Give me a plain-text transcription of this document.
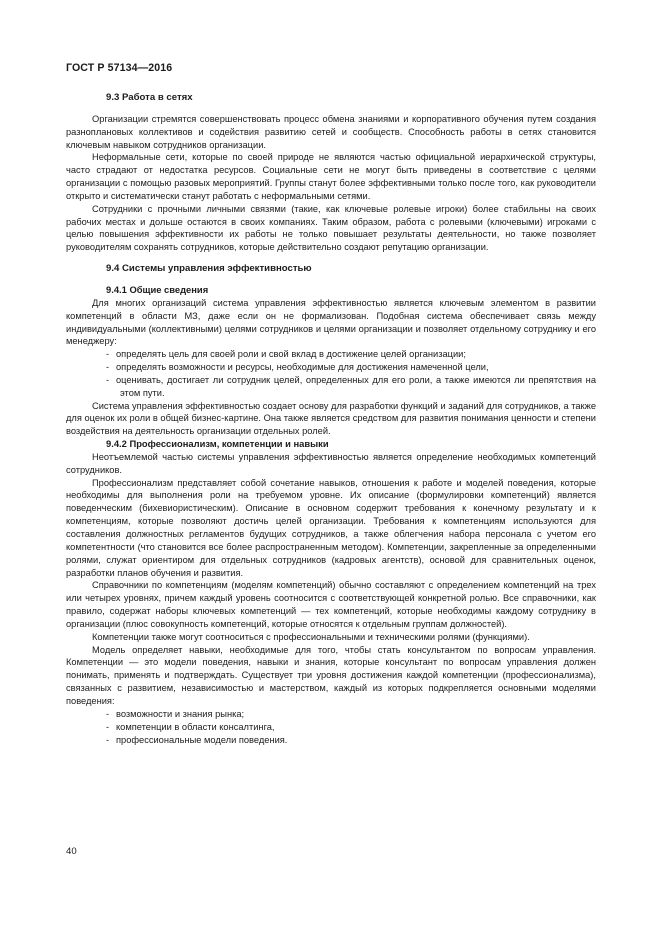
ГОСТ Р 57134—2016
9.3 Работа в сетях

Организации стремятся совершенствовать процесс обмена знаниями и корпоративного обучения путем создания разноплановых коллективов и содействия развитию сетей и сообществ. Способность работы в сетях становится ключевым навыком сотрудников организации.

Неформальные сети, которые по своей природе не являются частью официальной иерархической структуры, часто страдают от недостатка ресурсов. Социальные сети не могут быть приведены в соответствие с целями организации с помощью разовых мероприятий. Группы станут более эффективными только после того, как руководители открыто и систематически станут работать с неформальными сетями.

Сотрудники с прочными личными связями (такие, как ключевые ролевые игроки) более стабильны на своих рабочих местах и дольше остаются в своих компаниях. Таким образом, работа с ролевыми (ключевыми) игроками с целью повышения эффективности их работы не только повышает результаты деятельности, но также позволяет руководителям сохранять сотрудников, которые действительно создают репутацию организации.

9.4 Системы управления эффективностью
9.4.1 Общие сведения

Для многих организаций система управления эффективностью является ключевым элементом в развитии компетенций в области МЗ, даже если он не формализован. Подобная система обеспечивает связь между индивидуальными (коллективными) целями сотрудников и целями организации и позволяет отдельному сотруднику и его менеджеру:

- определять цель для своей роли и свой вклад в достижение целей организации;
- определять возможности и ресурсы, необходимые для достижения намеченной цели,
- оценивать, достигает ли сотрудник целей, определенных для его роли, а также имеются ли препятствия на этом пути.

Система управления эффективностью создает основу для разработки функций и заданий для сотрудников, а также для оценок их роли в общей бизнес-картине. Она также является средством для развития понимания ценности и степени воздействия на деятельность организации отдельных ролей.

9.4.2 Профессионализм, компетенции и навыки

Неотъемлемой частью системы управления эффективностью является определение необходимых компетенций сотрудников.

Профессионализм представляет собой сочетание навыков, отношения к работе и моделей поведения, которые необходимы для выполнения роли на требуемом уровне. Их описание (формулировки компетенций) является поведенческим (бихевиористическим). Описание в основном содержит требования к конечному результату и к компетенциям, которые позволяют достичь целей организации. Требования к компетенциям используются для составления должностных регламентов будущих сотрудников, а также облегчения набора персонала с учетом его компетентности (что становится все более распространенным методом). Компетенции, закрепленные за определенными ролями, служат ориентиром для отдельных сотрудников (кадровых агентств), основой для сравнительных оценок, разработки планов обучения и развития.

Справочники по компетенциям (моделям компетенций) обычно составляют с определением компетенций на трех или четырех уровнях, причем каждый уровень соотносится с соответствующей конкретной ролью. Все справочники, как правило, содержат наборы ключевых компетенций — тех компетенций, которые необходимы каждому сотруднику в организации (плюс совокупность компетенций, которые относятся к отдельным группам должностей).

Компетенции также могут соотноситься с профессиональными и техническими ролями (функциями).

Модель определяет навыки, необходимые для того, чтобы стать консультантом по вопросам управления. Компетенции — это модели поведения, навыки и знания, которые консультант по вопросам управления должен понимать, применять и подтверждать. Существует три уровня достижения каждой компетенции (профессионализма), связанных с развитием, независимостью и мастерством, каждый из которых подкрепляется основными моделями поведения:

- возможности и знания рынка;
- компетенции в области консалтинга,
- профессиональные модели поведения.
40
